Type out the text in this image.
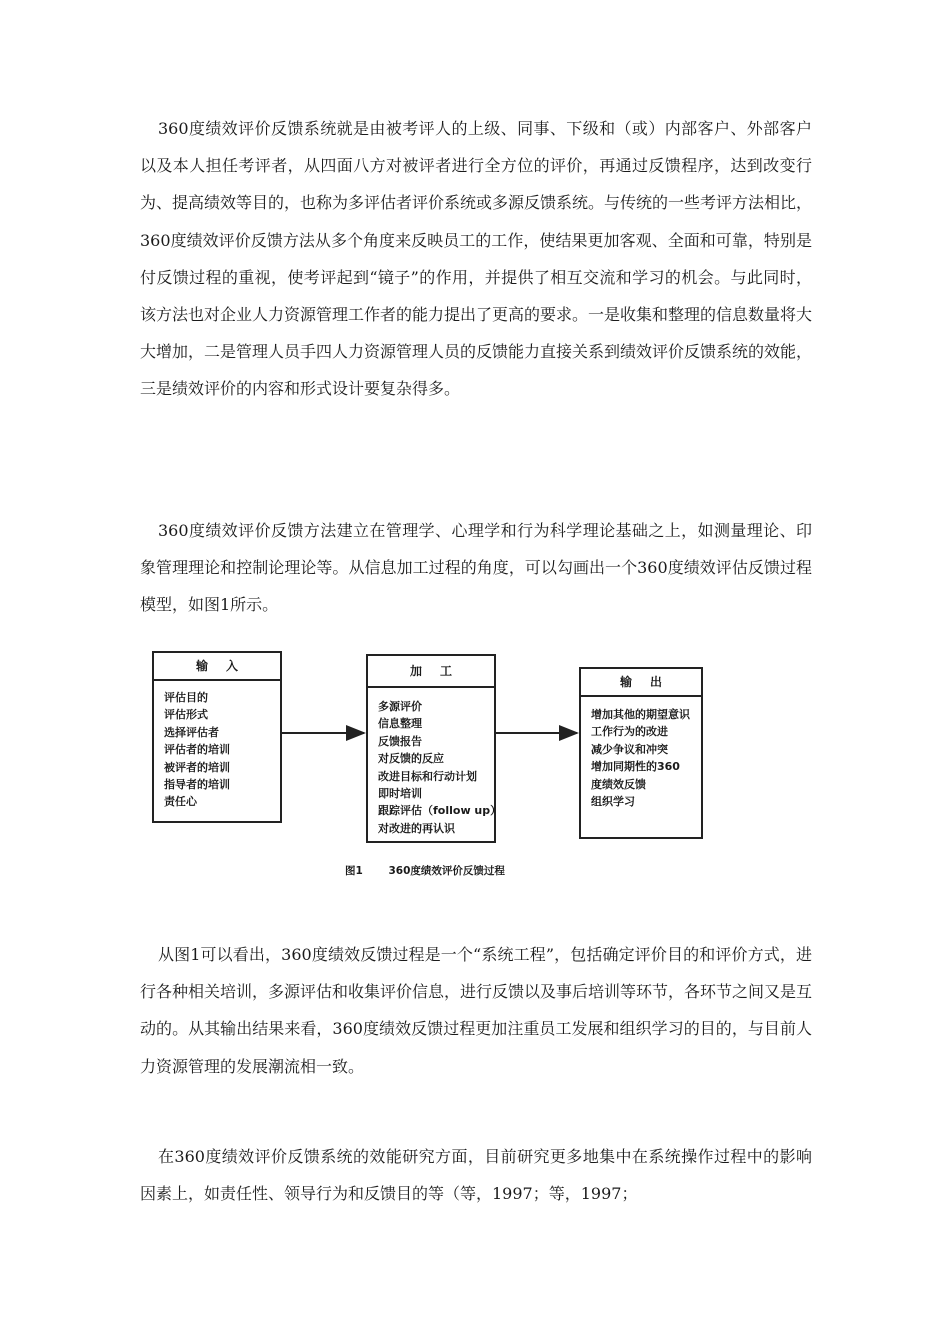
360度绩效评价反馈系统就是由被考评人的上级、同事、下级和（或）内部客户、外部客户以及本人担任考评者，从四面八方对被评者进行全方位的评价，再通过反馈程序，达到改变行为、提高绩效等目的，也称为多评估者评价系统或多源反馈系统。与传统的一些考评方法相比，360度绩效评价反馈方法从多个角度来反映员工的工作，使结果更加客观、全面和可靠，特别是付反馈过程的重视，使考评起到“镜子”的作用，并提供了相互交流和学习的机会。与此同时，该方法也对企业人力资源管理工作者的能力提出了更高的要求。一是收集和整理的信息数量将大大增加，二是管理人员手四人力资源管理人员的反馈能力直接关系到绩效评价反馈系统的效能，三是绩效评价的内容和形式设计要复杂得多。

360度绩效评价反馈方法建立在管理学、心理学和行为科学理论基础之上，如测量理论、印象管理理论和控制论理论等。从信息加工过程的角度，可以勾画出一个360度绩效评估反馈过程模型，如图1所示。

输入
评估目的
评估形式
选择评估者
评估者的培训
被评者的培训
指导者的培训
责任心
加工
多源评价
信息整理
反馈报告
对反馈的反应
改进目标和行动计划
即时培训
跟踪评估（follow up）
对改进的再认识
输出
增加其他的期望意识
工作行为的改进
减少争议和冲突
增加同期性的360
度绩效反馈
组织学习
图1 360度绩效评价反馈过程

从图1可以看出，360度绩效反馈过程是一个“系统工程”，包括确定评价目的和评价方式，进行各种相关培训，多源评估和收集评价信息，进行反馈以及事后培训等环节，各环节之间又是互动的。从其输出结果来看，360度绩效反馈过程更加注重员工发展和组织学习的目的，与目前人力资源管理的发展潮流相一致。

在360度绩效评价反馈系统的效能研究方面，目前研究更多地集中在系统操作过程中的影响因素上，如责任性、领导行为和反馈目的等（等，1997；等，1997；
